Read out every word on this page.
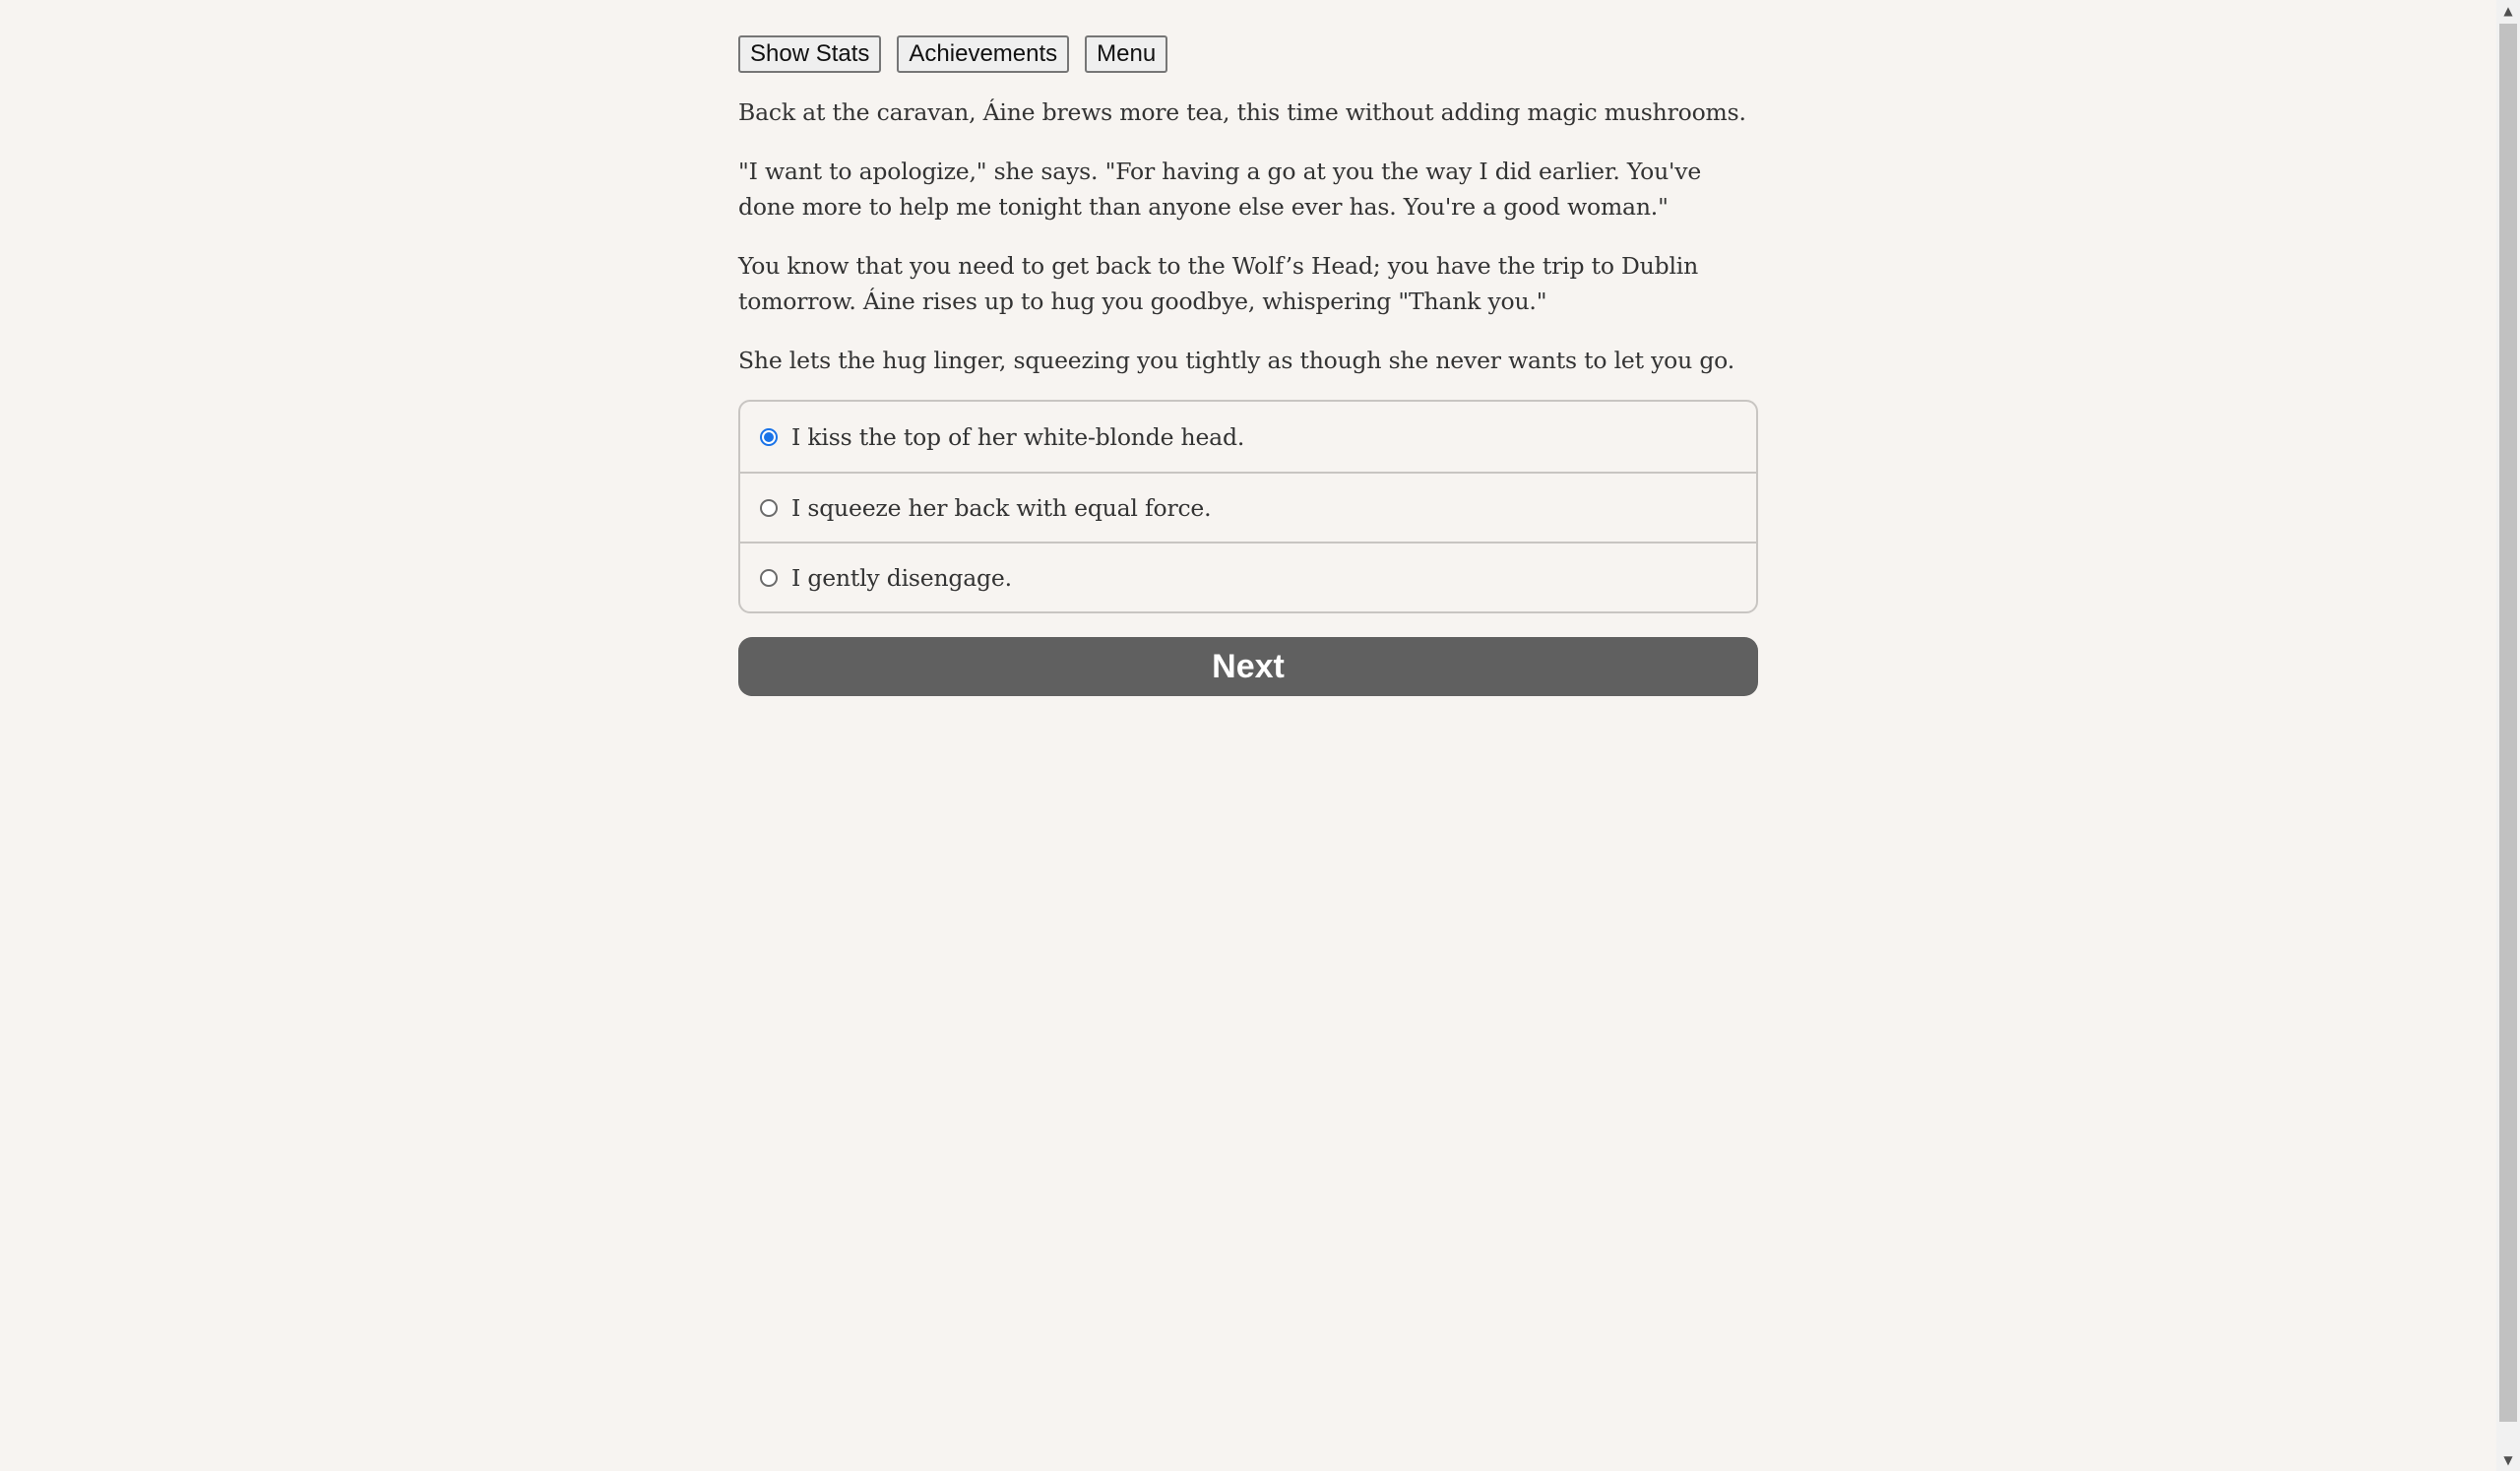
Show Stats	Achievements	Menu

Back at the caravan, Áine brews more tea, this time without adding magic mushrooms.

"I want to apologize," she says. "For having a go at you the way I did earlier. You've done more to help me tonight than anyone else ever has. You're a good woman."

You know that you need to get back to the Wolf’s Head; you have the trip to Dublin tomorrow. Áine rises up to hug you goodbye, whispering "Thank you."

She lets the hug linger, squeezing you tightly as though she never wants to let you go.

I kiss the top of her white-blonde head.
I squeeze her back with equal force.
I gently disengage.
Next
▲
▼
